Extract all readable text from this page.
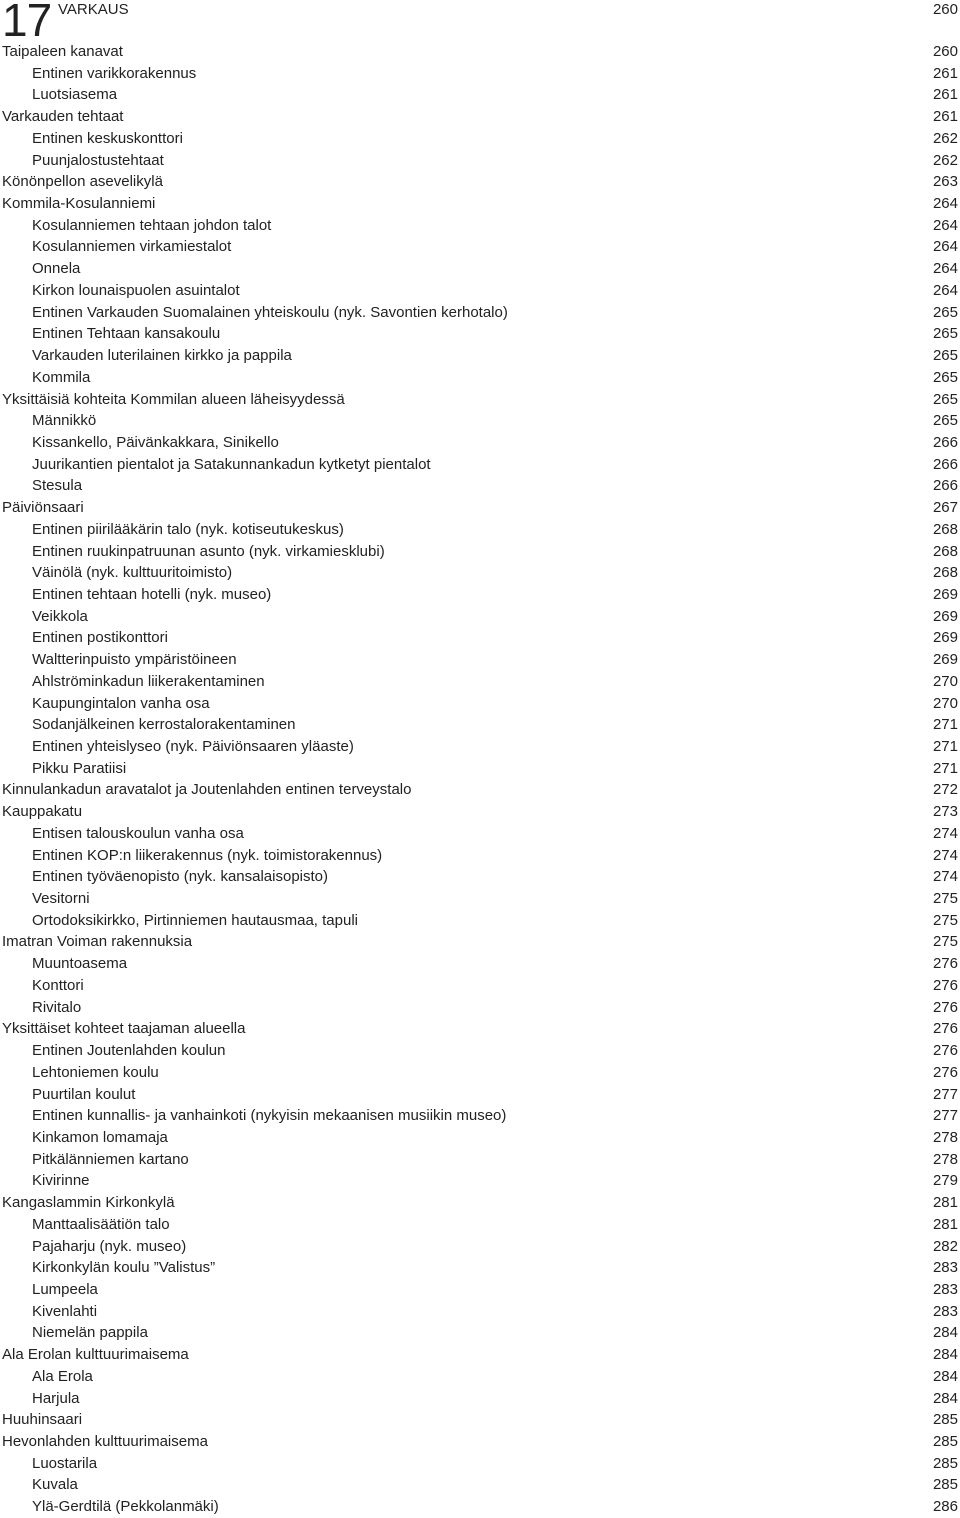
17 VARKAUS	260
Taipaleen kanavat	260
Entinen varikkorakennus	261
Luotsiasema	261
Varkauden tehtaat	261
Entinen keskuskonttori	262
Puunjalostustehtaat	262
Könönpellon asevelikylä	263
Kommila-Kosulanniemi	264
Kosulanniemen tehtaan johdon talot	264
Kosulanniemen virkamiestalot	264
Onnela	264
Kirkon lounaispuolen asuintalot	264
Entinen Varkauden Suomalainen yhteiskoulu (nyk. Savontien kerhotalo)	265
Entinen Tehtaan kansakoulu	265
Varkauden luterilainen kirkko ja pappila	265
Kommila	265
Yksittäisiä kohteita Kommilan alueen läheisyydessä	265
Männikkö	265
Kissankello, Päivänkakkara, Sinikello	266
Juurikantien pientalot ja Satakunnankadun kytketyt pientalot	266
Stesula	266
Päiviönsaari	267
Entinen piirilääkärin talo (nyk. kotiseutukeskus)	268
Entinen ruukinpatruunan asunto (nyk. virkamiesklubi)	268
Väinölä (nyk. kulttuuritoimisto)	268
Entinen tehtaan hotelli (nyk. museo)	269
Veikkola	269
Entinen postikonttori	269
Waltterinpuisto ympäristöineen	269
Ahlströminkadun liikerakentaminen	270
Kaupungintalon vanha osa	270
Sodanjälkeinen kerrostalorakentaminen	271
Entinen yhteislyseo (nyk. Päiviönsaaren yläaste)	271
Pikku Paratiisi	271
Kinnulankadun aravatalot ja Joutenlahden entinen terveystalo	272
Kauppakatu	273
Entisen talouskoulun vanha osa	274
Entinen KOP:n liikerakennus (nyk. toimistorakennus)	274
Entinen työväenopisto (nyk. kansalaisopisto)	274
Vesitorni	275
Ortodoksikirkko, Pirtinniemen hautausmaa, tapuli	275
Imatran Voiman rakennuksia	275
Muuntoasema	276
Konttori	276
Rivitalo	276
Yksittäiset kohteet taajaman alueella	276
Entinen Joutenlahden koulun	276
Lehtoniemen koulu	276
Puurtilan koulut	277
Entinen kunnallis- ja vanhainkoti (nykyisin mekaanisen musiikin museo)	277
Kinkamon lomamaja	278
Pitkälänniemen kartano	278
Kivirinne	279
Kangaslammin Kirkonkylä	281
Manttaalisäätiön talo	281
Pajaharju (nyk. museo)	282
Kirkonkylän koulu ”Valistus”	283
Lumpeela	283
Kivenlahti	283
Niemelän pappila	284
Ala Erolan kulttuurimaisema	284
Ala Erola	284
Harjula	284
Huuhinsaari	285
Hevonlahden kulttuurimaisema	285
Luostarila	285
Kuvala	285
Ylä-Gerdtilä (Pekkolanmäki)	286
